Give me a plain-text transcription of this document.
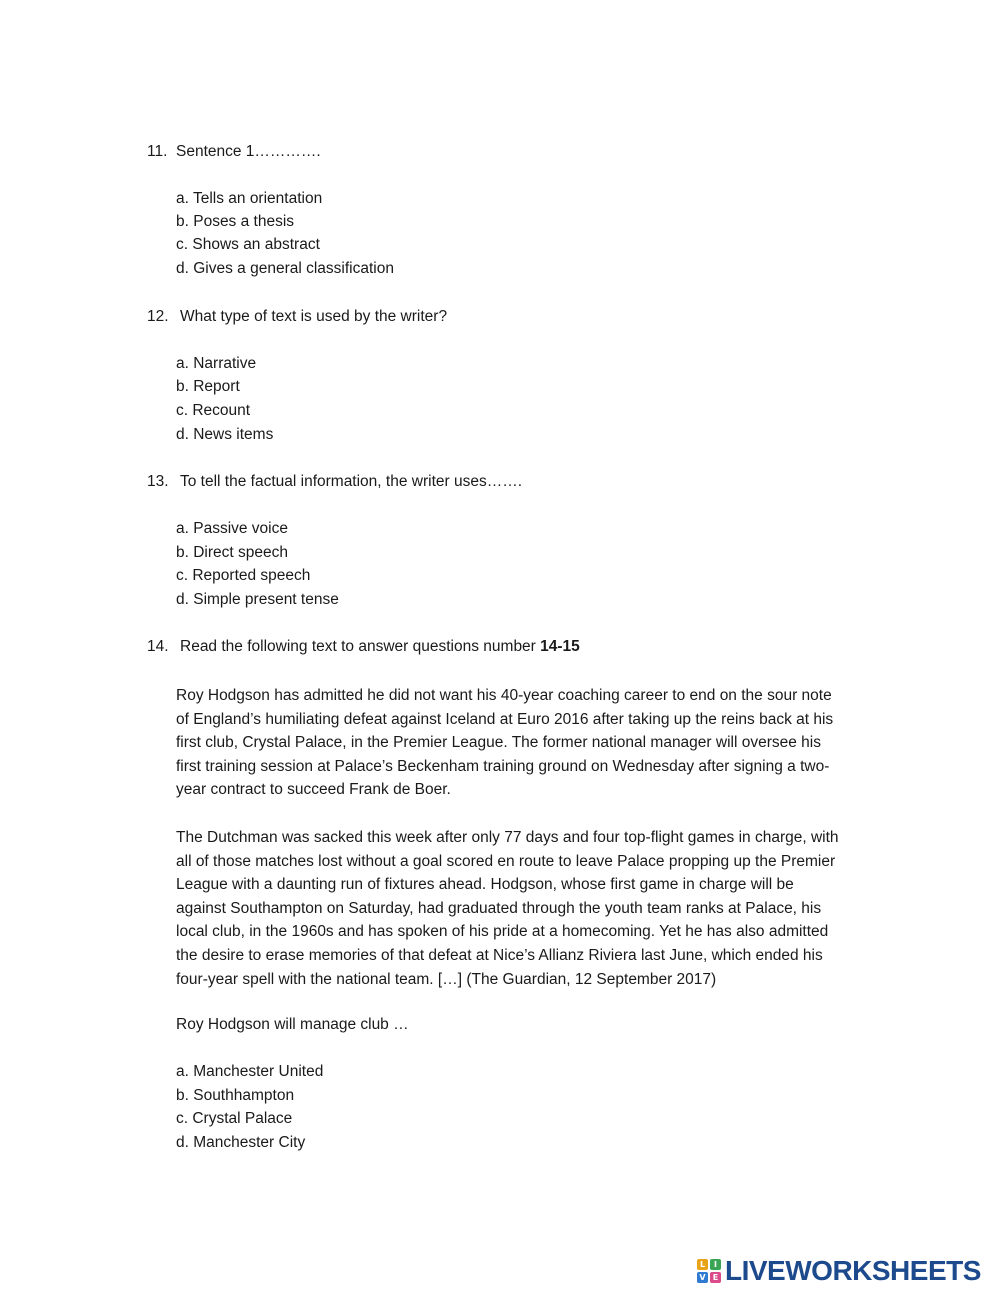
11. Sentence 1………….
a. Tells an orientation
b. Poses a thesis
c. Shows an abstract
d. Gives a general classification
12. What type of text is used by the writer?
a. Narrative
b. Report
c. Recount
d. News items
13. To tell the factual information, the writer uses…….
a. Passive voice
b. Direct speech
c. Reported speech
d. Simple present tense
14. Read the following text to answer questions number 14-15
Roy Hodgson has admitted he did not want his 40-year coaching career to end on the sour note
of England’s humiliating defeat against Iceland at Euro 2016 after taking up the reins back at his
first club, Crystal Palace, in the Premier League. The former national manager will oversee his
first training session at Palace’s Beckenham training ground on Wednesday after signing a two-
year contract to succeed Frank de Boer.
The Dutchman was sacked this week after only 77 days and four top-flight games in charge, with
all of those matches lost without a goal scored en route to leave Palace propping up the Premier
League with a daunting run of fixtures ahead. Hodgson, whose first game in charge will be
against Southampton on Saturday, had graduated through the youth team ranks at Palace, his
local club, in the 1960s and has spoken of his pride at a homecoming. Yet he has also admitted
the desire to erase memories of that defeat at Nice’s Allianz Riviera last June, which ended his
four-year spell with the national team. […] (The Guardian, 12 September 2017)
Roy Hodgson will manage club …
a. Manchester United
b. Southhampton
c. Crystal Palace
d. Manchester City
L	I
V E LIVEWORKSHEETS
